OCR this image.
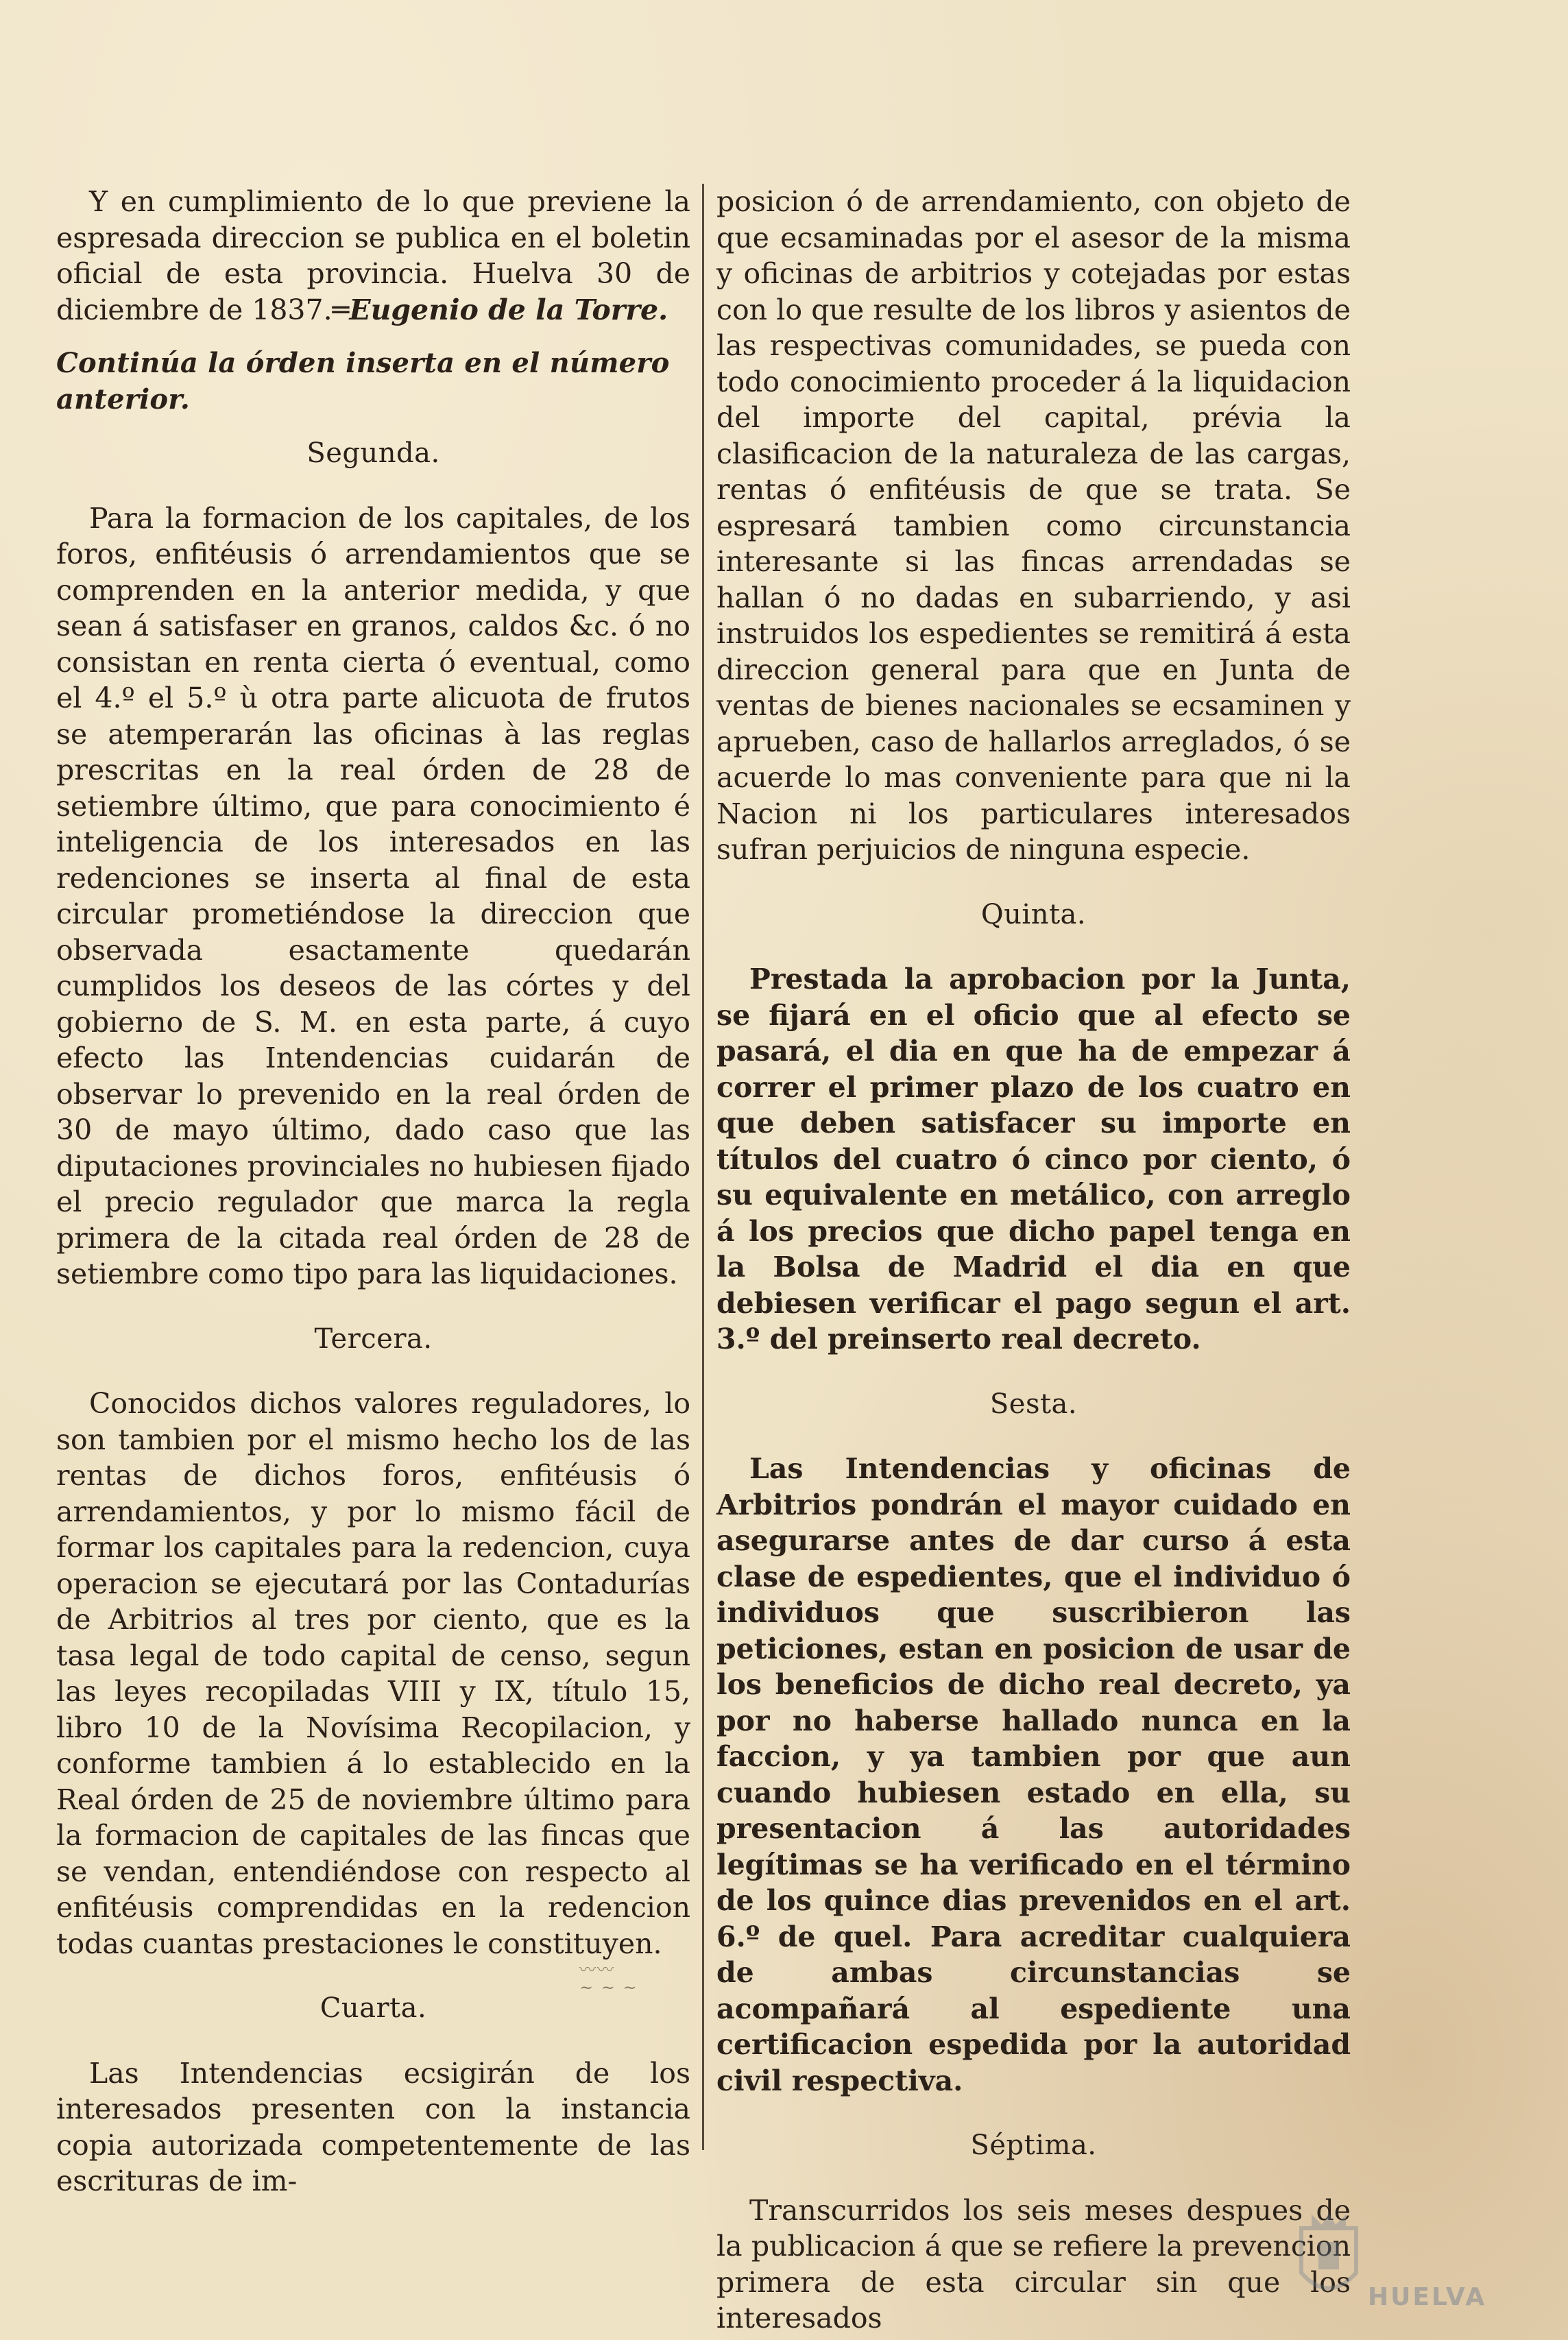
Y en cumplimiento de lo que previene la espresada direccion se publica en el boletin oficial de esta provincia. Huelva 30 de diciembre de 1837.═Eugenio de la Torre.

Continúa la órden inserta en el número anterior.

Segunda.

Para la formacion de los capitales, de los foros, enfitéusis ó arrendamientos que se comprenden en la anterior medida, y que sean á satisfaser en granos, caldos &c. ó no consistan en renta cierta ó eventual, como el 4.º el 5.º ù otra parte alicuota de frutos se atemperarán las oficinas à las reglas prescritas en la real órden de 28 de setiembre último, que para conocimiento é inteligencia de los interesados en las redenciones se inserta al final de esta circular prometiéndose la direccion que observada esactamente quedarán cumplidos los deseos de las córtes y del gobierno de S. M. en esta parte, á cuyo efecto las Intendencias cuidarán de observar lo prevenido en la real órden de 30 de mayo último, dado caso que las diputaciones provinciales no hubiesen fijado el precio regulador que marca la regla primera de la citada real órden de 28 de setiembre como tipo para las liquidaciones.

Tercera.

Conocidos dichos valores reguladores, lo son tambien por el mismo hecho los de las rentas de dichos foros, enfitéusis ó arrendamientos, y por lo mismo fácil de formar los capitales para la redencion, cuya operacion se ejecutará por las Contadurías de Arbitrios al tres por ciento, que es la tasa legal de todo capital de censo, segun las leyes recopiladas VIII y IX, título 15, libro 10 de la Novísima Recopilacion, y conforme tambien á lo establecido en la Real órden de 25 de noviembre último para la formacion de capitales de las fincas que se vendan, entendiéndose con respecto al enfitéusis comprendidas en la redencion todas cuantas prestaciones le constituyen.

Cuarta.

Las Intendencias ecsigirán de los interesados presenten con la instancia copia autorizada competentemente de las escrituras de im-

posicion ó de arrendamiento, con objeto de que ecsaminadas por el asesor de la misma y oficinas de arbitrios y cotejadas por estas con lo que resulte de los libros y asientos de las respectivas comunidades, se pueda con todo conocimiento proceder á la liquidacion del importe del capital, prévia la clasificacion de la naturaleza de las cargas, rentas ó enfitéusis de que se trata. Se espresará tambien como circunstancia interesante si las fincas arrendadas se hallan ó no dadas en subarriendo, y asi instruidos los espedientes se remitirá á esta direccion general para que en Junta de ventas de bienes nacionales se ecsaminen y aprueben, caso de hallarlos arreglados, ó se acuerde lo mas conveniente para que ni la Nacion ni los particulares interesados sufran perjuicios de ninguna especie.

Quinta.

Prestada la aprobacion por la Junta, se fijará en el oficio que al efecto se pasará, el dia en que ha de empezar á correr el primer plazo de los cuatro en que deben satisfacer su importe en títulos del cuatro ó cinco por ciento, ó su equivalente en metálico, con arreglo á los precios que dicho papel tenga en la Bolsa de Madrid el dia en que debiesen verificar el pago segun el art. 3.º del preinserto real decreto.

Sesta.

Las Intendencias y oficinas de Arbitrios pondrán el mayor cuidado en asegurarse antes de dar curso á esta clase de espedientes, que el individuo ó individuos que suscribieron las peticiones, estan en posicion de usar de los beneficios de dicho real decreto, ya por no haberse hallado nunca en la faccion, y ya tambien por que aun cuando hubiesen estado en ella, su presentacion á las autoridades legítimas se ha verificado en el término de los quince dias prevenidos en el art. 6.º de quel. Para acreditar cualquiera de ambas circunstancias se acompañará al espediente una certificacion espedida por la autoridad civil respectiva.

Séptima.

Transcurridos los seis meses despues de la publicacion á que se refiere la prevencion primera de esta circular sin que los interesados

〰〰
~ ~ ~
HUELVA
